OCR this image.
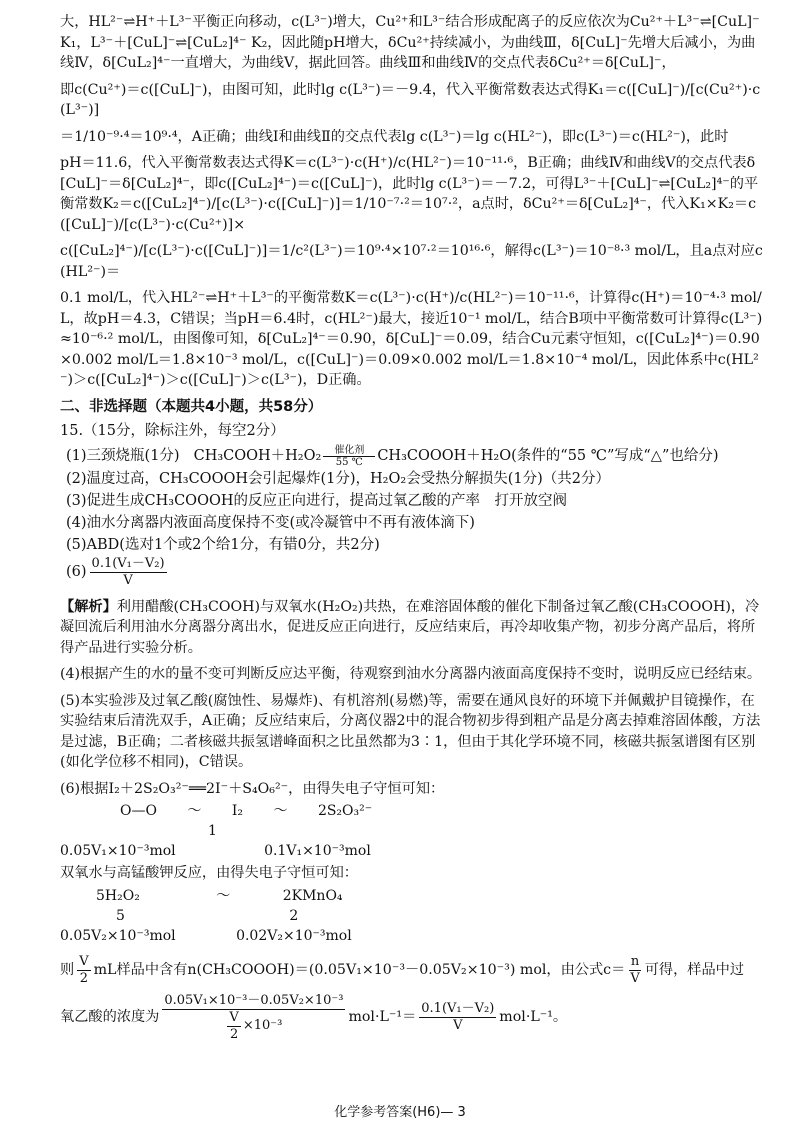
大，HL²⁻⇌H⁺＋L³⁻平衡正向移动，c(L³⁻)增大，Cu²⁺和L³⁻结合形成配离子的反应依次为Cu²⁺＋L³⁻⇌[CuL]⁻ K₁，L³⁻＋[CuL]⁻⇌[CuL₂]⁴⁻ K₂，因此随pH增大，δCu²⁺持续减小，为曲线Ⅲ，δ[CuL]⁻先增大后减小，为曲线Ⅳ，δ[CuL₂]⁴⁻一直增大，为曲线Ⅴ，据此回答。曲线Ⅲ和曲线Ⅳ的交点代表δCu²⁺＝δ[CuL]⁻，

即c(Cu²⁺)＝c([CuL]⁻)，由图可知，此时lg c(L³⁻)＝－9.4，代入平衡常数表达式得K₁＝c([CuL]⁻)/[c(Cu²⁺)·c(L³⁻)]

＝1/10⁻⁹·⁴＝10⁹·⁴，A正确；曲线Ⅰ和曲线Ⅱ的交点代表lg c(L³⁻)＝lg c(HL²⁻)，即c(L³⁻)＝c(HL²⁻)，此时

pH＝11.6，代入平衡常数表达式得K＝c(L³⁻)·c(H⁺)/c(HL²⁻)＝10⁻¹¹·⁶，B正确；曲线Ⅳ和曲线Ⅴ的交点代表δ[CuL]⁻＝δ[CuL₂]⁴⁻，即c([CuL₂]⁴⁻)＝c([CuL]⁻)，此时lg c(L³⁻)＝－7.2，可得L³⁻＋[CuL]⁻⇌[CuL₂]⁴⁻的平衡常数K₂＝c([CuL₂]⁴⁻)/[c(L³⁻)·c([CuL]⁻)]＝1/10⁻⁷·²＝10⁷·²，a点时，δCu²⁺＝δ[CuL₂]⁴⁻，代入K₁×K₂＝c([CuL]⁻)/[c(L³⁻)·c(Cu²⁺)]×

c([CuL₂]⁴⁻)/[c(L³⁻)·c([CuL]⁻)]＝1/c²(L³⁻)＝10⁹·⁴×10⁷·²＝10¹⁶·⁶，解得c(L³⁻)＝10⁻⁸·³ mol/L，且a点对应c(HL²⁻)＝

0.1 mol/L，代入HL²⁻⇌H⁺＋L³⁻的平衡常数K＝c(L³⁻)·c(H⁺)/c(HL²⁻)＝10⁻¹¹·⁶，计算得c(H⁺)＝10⁻⁴·³ mol/L，故pH＝4.3，C错误；当pH＝6.4时，c(HL²⁻)最大，接近10⁻¹ mol/L，结合B项中平衡常数可计算得c(L³⁻)≈10⁻⁶·² mol/L，由图像可知，δ[CuL₂]⁴⁻＝0.90，δ[CuL]⁻＝0.09，结合Cu元素守恒知，c([CuL₂]⁴⁻)＝0.90×0.002 mol/L＝1.8×10⁻³ mol/L，c([CuL]⁻)＝0.09×0.002 mol/L＝1.8×10⁻⁴ mol/L，因此体系中c(HL²⁻)＞c([CuL₂]⁴⁻)＞c([CuL]⁻)＞c(L³⁻)，D正确。

二、非选择题（本题共4小题，共58分）
15.（15分，除标注外，每空2分）
(1)三颈烧瓶(1分) CH₃COOH＋H₂O₂ $\frac{\text{催化剂}}{55 ℃}$ CH₃COOOH＋H₂O(条件的“55 ℃”写成“△”也给分)
(2)温度过高，CH₃COOOH会引起爆炸(1分)，H₂O₂会受热分解损失(1分)（共2分）
(3)促进生成CH₃COOOH的反应正向进行，提高过氧乙酸的产率　打开放空阀
(4)油水分离器内液面高度保持不变(或冷凝管中不再有液体滴下)
(5)ABD(选对1个或2个给1分，有错0分，共2分)
$(6) \frac{\text{0.1(V₁－V₂)}}{V}$

【解析】利用醋酸(CH₃COOH)与双氧水(H₂O₂)共热，在难溶固体酸的催化下制备过氧乙酸(CH₃COOOH)，冷凝回流后利用油水分离器分离出水，促进反应正向进行，反应结束后，再冷却收集产物，初步分离产品后，将所得产品进行实验分析。

(4)根据产生的水的量不变可判断反应达平衡，待观察到油水分离器内液面高度保持不变时，说明反应已经结束。

(5)本实验涉及过氧乙酸(腐蚀性、易爆炸)、有机溶剂(易燃)等，需要在通风良好的环境下并佩戴护目镜操作，在实验结束后清洗双手，A正确；反应结束后，分离仪器2中的混合物初步得到粗产品是分离去掉难溶固体酸，方法是过滤，B正确；二者核磁共振氢谱峰面积之比虽然都为3∶1，但由于其化学环境不同，核磁共振氢谱图有区别(如化学位移不相同)，C错误。

(6)根据I₂＋2S₂O₃²⁻══2I⁻＋S₄O₆²⁻，由得失电子守恒可知：

O—O ～ I₂ ～ 2S₂O₃²⁻
1
0.05V₁×10⁻³mol	0.1V₁×10⁻³mol

双氧水与高锰酸钾反应，由得失电子守恒可知：

5H₂O₂	～	2KMnO₄
5	2
0.05V₂×10⁻³mol	0.02V₂×10⁻³mol
则 $\frac{V}{2}$ mL样品中含有n(CH₃COOOH)＝(0.05V₁×10⁻³－0.05V₂×10⁻³) mol，由公式$c= \frac{n}{V}$ 可得，样品中过
氧乙酸的浓度为 $\frac{\text{0.05V₁×10⁻³－0.05V₂×10⁻³}}{\frac{V}{2} \times 10^{-3}} mol\cdot L^{-1}= \frac{\text{0.1(V₁－V₂)}}{V} mol\cdot L^{-1}$。
化学参考答案(H6)— 3
